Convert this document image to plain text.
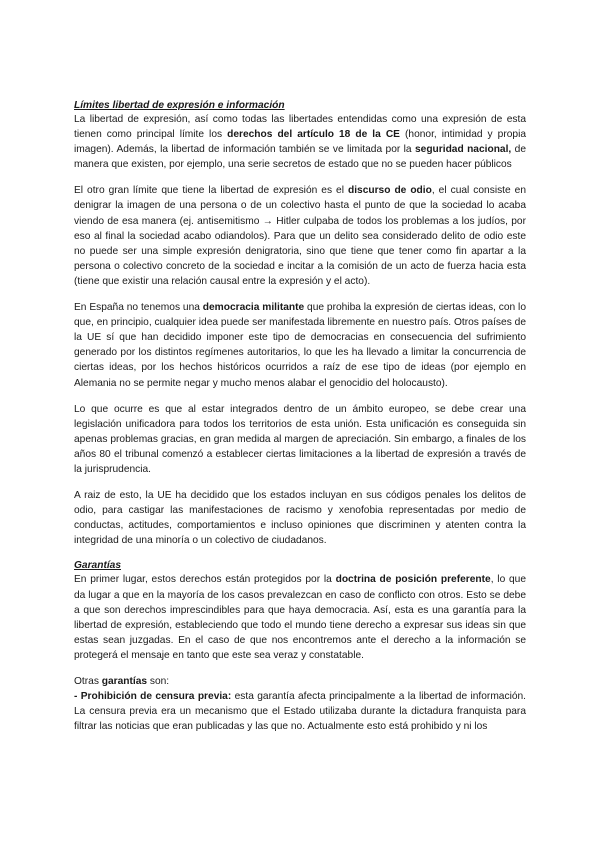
Límites libertad de expresión e información

La libertad de expresión, así como todas las libertades entendidas como una expresión de esta tienen como principal límite los derechos del artículo 18 de la CE (honor, intimidad y propia imagen). Además, la libertad de información también se ve limitada por la seguridad nacional, de manera que existen, por ejemplo, una serie secretos de estado que no se pueden hacer públicos

El otro gran límite que tiene la libertad de expresión es el discurso de odio, el cual consiste en denigrar la imagen de una persona o de un colectivo hasta el punto de que la sociedad lo acaba viendo de esa manera (ej. antisemitismo → Hitler culpaba de todos los problemas a los judíos, por eso al final la sociedad acabo odiandolos). Para que un delito sea considerado delito de odio este no puede ser una simple expresión denigratoria, sino que tiene que tener como fin apartar a la persona o colectivo concreto de la sociedad e incitar a la comisión de un acto de fuerza hacia esta (tiene que existir una relación causal entre la expresión y el acto).

En España no tenemos una democracia militante que prohiba la expresión de ciertas ideas, con lo que, en principio, cualquier idea puede ser manifestada libremente en nuestro país. Otros países de la UE sí que han decidido imponer este tipo de democracias en consecuencia del sufrimiento generado por los distintos regímenes autoritarios, lo que les ha llevado a limitar la concurrencia de ciertas ideas, por los hechos históricos ocurridos a raíz de ese tipo de ideas (por ejemplo en Alemania no se permite negar y mucho menos alabar el genocidio del holocausto).

Lo que ocurre es que al estar integrados dentro de un ámbito europeo, se debe crear una legislación unificadora para todos los territorios de esta unión. Esta unificación es conseguida sin apenas problemas gracias, en gran medida al margen de apreciación. Sin embargo, a finales de los años 80 el tribunal comenzó a establecer ciertas limitaciones a la libertad de expresión a través de la jurisprudencia.

A raiz de esto, la UE ha decidido que los estados incluyan en sus códigos penales los delitos de odio, para castigar las manifestaciones de racismo y xenofobia representadas por medio de conductas, actitudes, comportamientos e incluso opiniones que discriminen y atenten contra la integridad de una minoría o un colectivo de ciudadanos.

Garantías

En primer lugar, estos derechos están protegidos por la doctrina de posición preferente, lo que da lugar a que en la mayoría de los casos prevalezcan en caso de conflicto con otros. Esto se debe a que son derechos imprescindibles para que haya democracia. Así, esta es una garantía para la libertad de expresión, estableciendo que todo el mundo tiene derecho a expresar sus ideas sin que estas sean juzgadas. En el caso de que nos encontremos ante el derecho a la información se protegerá el mensaje en tanto que este sea veraz y constatable.

Otras garantías son:

- Prohibición de censura previa: esta garantía afecta principalmente a la libertad de información. La censura previa era un mecanismo que el Estado utilizaba durante la dictadura franquista para filtrar las noticias que eran publicadas y las que no. Actualmente esto está prohibido y ni los
